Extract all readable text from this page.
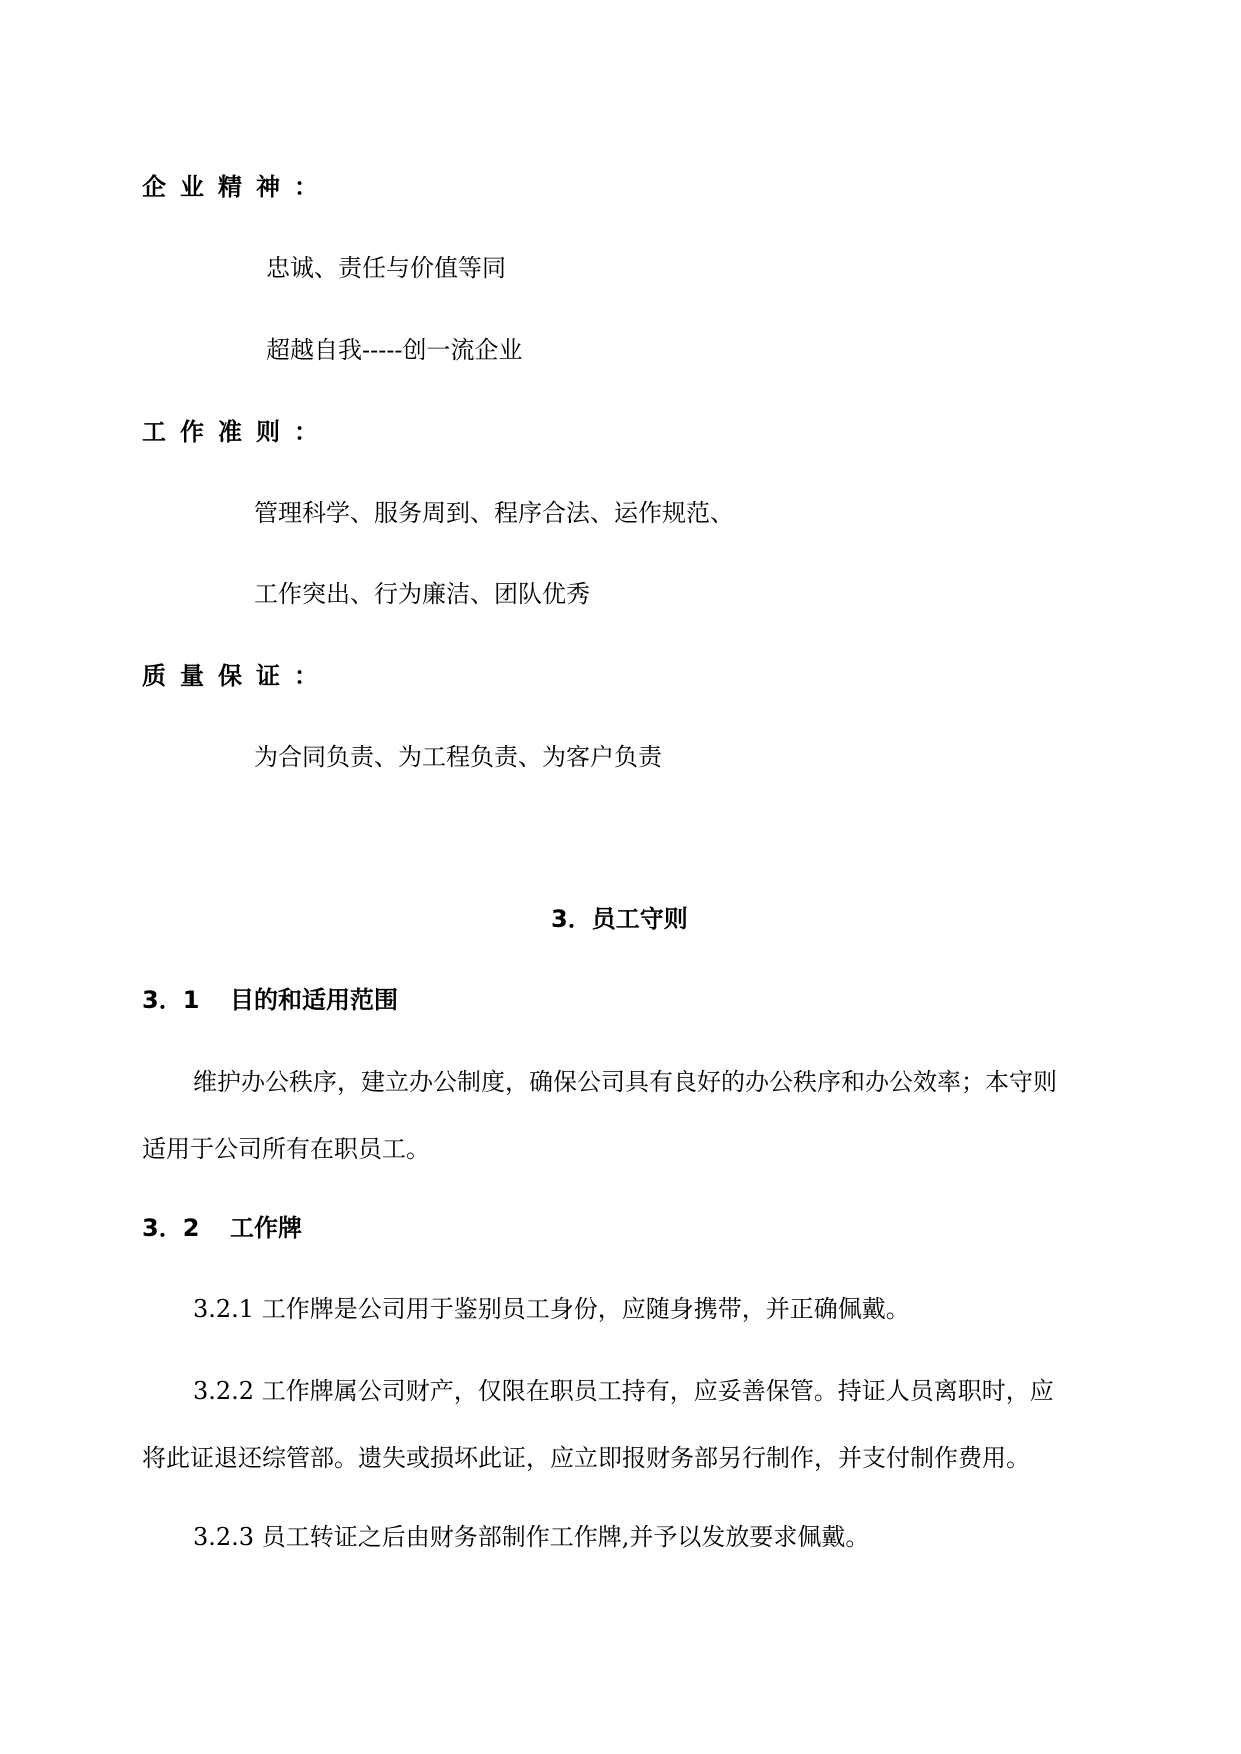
企业精神：
忠诚、责任与价值等同
超越自我-----创一流企业
工作准则：
管理科学、服务周到、程序合法、运作规范、
工作突出、行为廉洁、团队优秀
质量保证：
为合同负责、为工程负责、为客户负责
3．员工守则
3．1 目的和适用范围
维护办公秩序，建立办公制度，确保公司具有良好的办公秩序和办公效率；本守则
适用于公司所有在职员工。
3．2 工作牌
3.2.1 工作牌是公司用于鉴别员工身份，应随身携带，并正确佩戴。
3.2.2 工作牌属公司财产，仅限在职员工持有，应妥善保管。持证人员离职时，应
将此证退还综管部。遗失或损坏此证，应立即报财务部另行制作，并支付制作费用。
3.2.3 员工转证之后由财务部制作工作牌,并予以发放要求佩戴。
